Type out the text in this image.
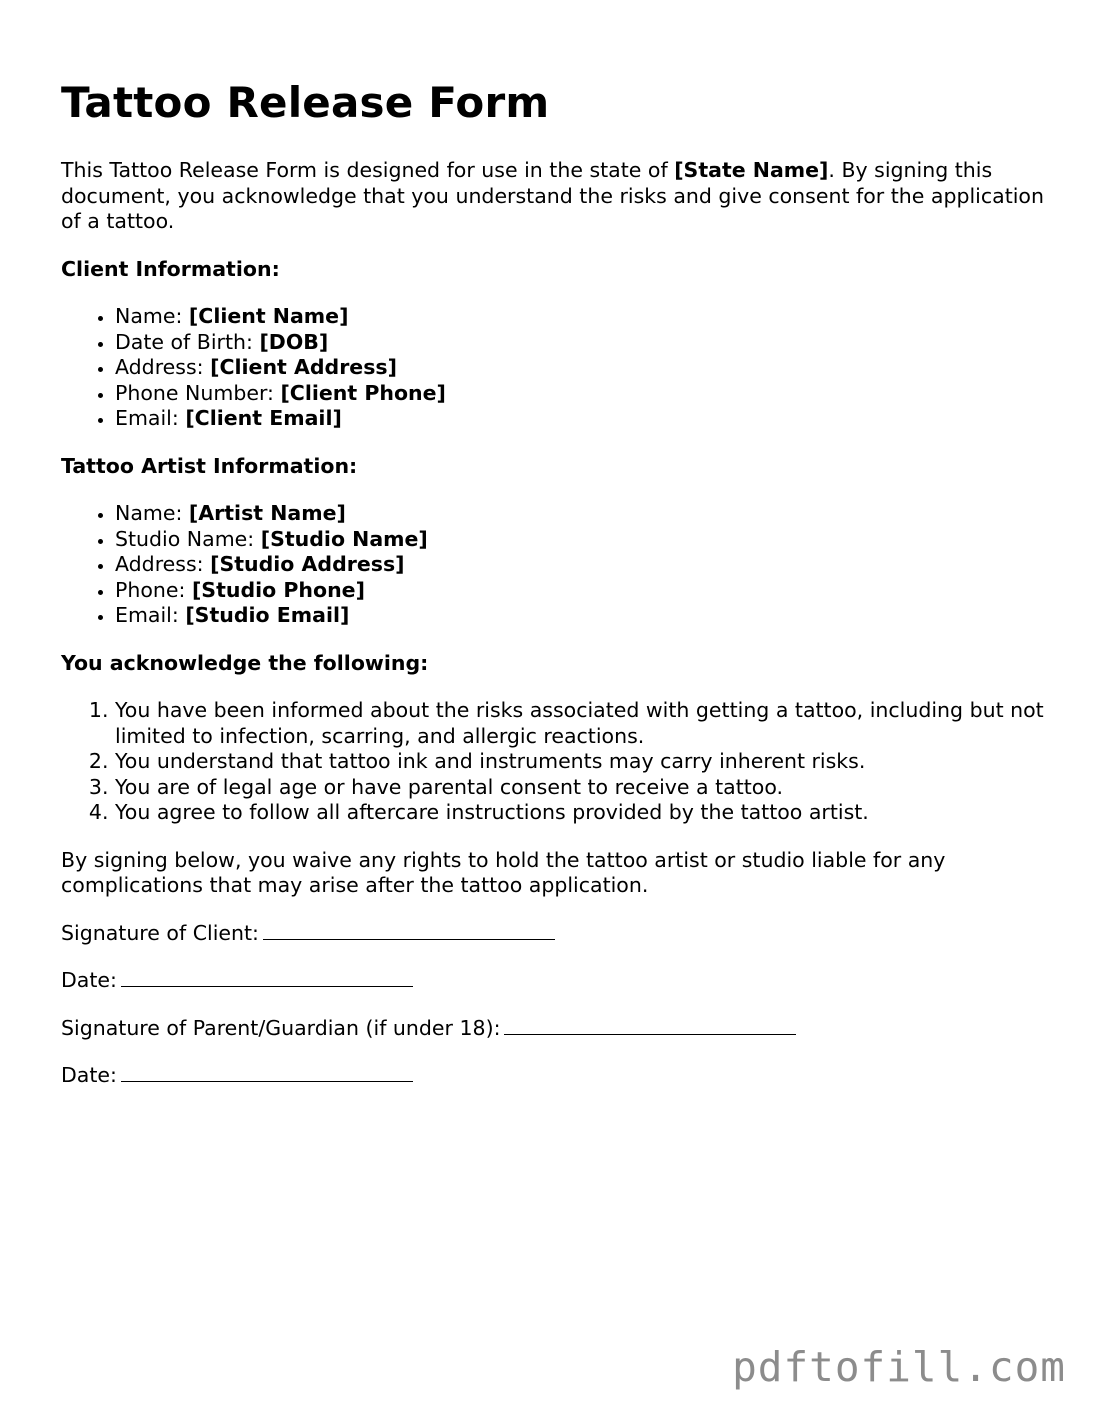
Tattoo Release Form

This Tattoo Release Form is designed for use in the state of [State Name]. By signing this document, you acknowledge that you understand the risks and give consent for the application of a tattoo.

Client Information:

• Name: [Client Name]
• Date of Birth: [DOB]
• Address: [Client Address]
• Phone Number: [Client Phone]
• Email: [Client Email]

Tattoo Artist Information:

• Name: [Artist Name]
• Studio Name: [Studio Name]
• Address: [Studio Address]
• Phone: [Studio Phone]
• Email: [Studio Email]

You acknowledge the following:

1. You have been informed about the risks associated with getting a tattoo, including but not limited to infection, scarring, and allergic reactions.
2. You understand that tattoo ink and instruments may carry inherent risks.
3. You are of legal age or have parental consent to receive a tattoo.
4. You agree to follow all aftercare instructions provided by the tattoo artist.

By signing below, you waive any rights to hold the tattoo artist or studio liable for any complications that may arise after the tattoo application.

Signature of Client:

Date:

Signature of Parent/Guardian (if under 18):

Date:

pdftofill.com
